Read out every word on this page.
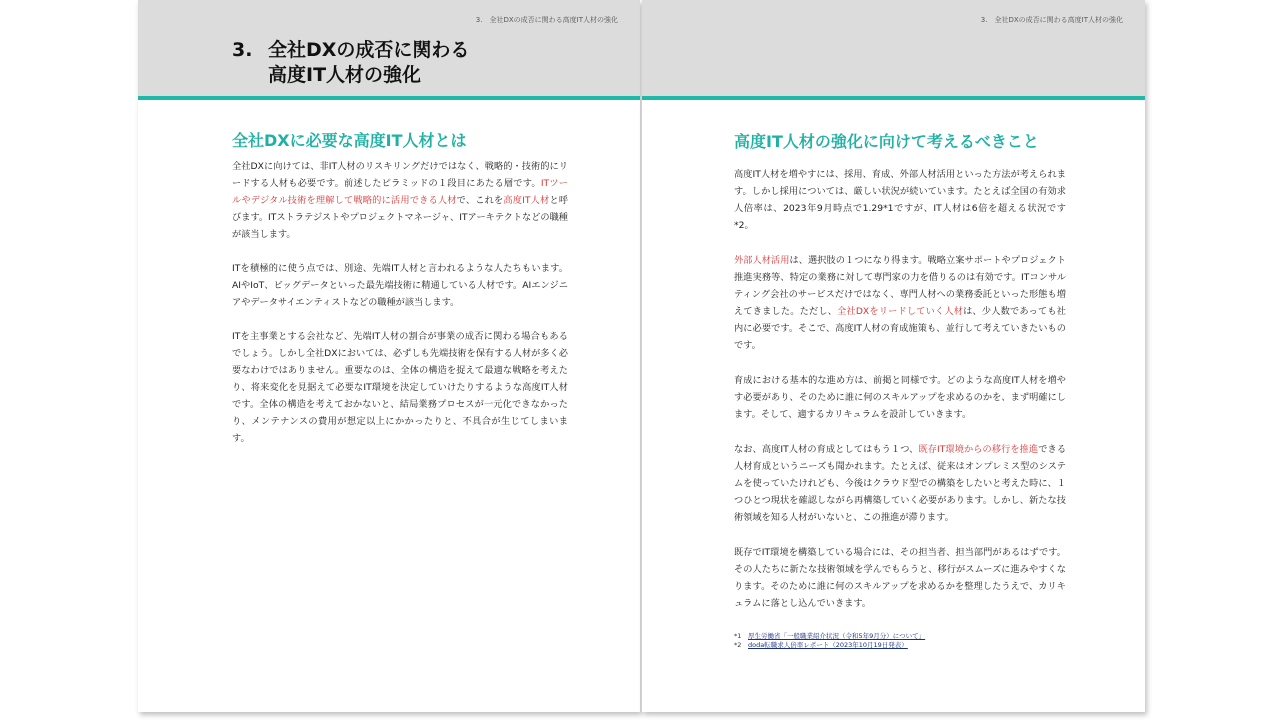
3.　全社DXの成否に関わる高度IT人材の強化
3. 全社DXの成否に関わる
高度IT人材の強化
全社DXに必要な高度IT人材とは

全社DXに向けては、非IT人材のリスキリングだけではなく、戦略的・技術的にリードする人材も必要です。前述したピラミッドの１段目にあたる層です。ITツールやデジタル技術を理解して戦略的に活用できる人材で、これを高度IT人材と呼びます。ITストラテジストやプロジェクトマネージャ、ITアーキテクトなどの職種が該当します。

ITを積極的に使う点では、別途、先端IT人材と言われるような人たちもいます。AIやIoT、ビッグデータといった最先端技術に精通している人材です。AIエンジニアやデータサイエンティストなどの職種が該当します。

ITを主事業とする会社など、先端IT人材の割合が事業の成否に関わる場合もあるでしょう。しかし全社DXにおいては、必ずしも先端技術を保有する人材が多く必要なわけではありません。重要なのは、全体の構造を捉えて最適な戦略を考えたり、将来変化を見据えて必要なIT環境を決定していけたりするような高度IT人材です。全体の構造を考えておかないと、結局業務プロセスが一元化できなかったり、メンテナンスの費用が想定以上にかかったりと、不具合が生じてしまいます。

3.　全社DXの成否に関わる高度IT人材の強化
高度IT人材の強化に向けて考えるべきこと

高度IT人材を増やすには、採用、育成、外部人材活用といった方法が考えられます。しかし採用については、厳しい状況が続いています。たとえば全国の有効求人倍率は、2023年9月時点で1.29*1ですが、IT人材は6倍を超える状況です*2。

外部人材活用は、選択肢の１つになり得ます。戦略立案サポートやプロジェクト推進実務等、特定の業務に対して専門家の力を借りるのは有効です。ITコンサルティング会社のサービスだけではなく、専門人材への業務委託といった形態も増えてきました。ただし、全社DXをリードしていく人材は、少人数であっても社内に必要です。そこで、高度IT人材の育成施策も、並行して考えていきたいものです。

育成における基本的な進め方は、前掲と同様です。どのような高度IT人材を増やす必要があり、そのために誰に何のスキルアップを求めるのかを、まず明確にします。そして、適するカリキュラムを設計していきます。

なお、高度IT人材の育成としてはもう１つ、既存IT環境からの移行を推進できる人材育成というニーズも聞かれます。たとえば、従来はオンプレミス型のシステムを使っていたけれども、今後はクラウド型での構築をしたいと考えた時に、１つひとつ現状を確認しながら再構築していく必要があります。しかし、新たな技術領域を知る人材がいないと、この推進が滞ります。

既存でIT環境を構築している場合には、その担当者、担当部門があるはずです。その人たちに新たな技術領域を学んでもらうと、移行がスムーズに進みやすくなります。そのために誰に何のスキルアップを求めるかを整理したうえで、カリキュラムに落とし込んでいきます。

*1 厚生労働省「一般職業紹介状況（令和5年9月分）について」
*2 doda転職求人倍率レポート（2023年10月19日発表）
